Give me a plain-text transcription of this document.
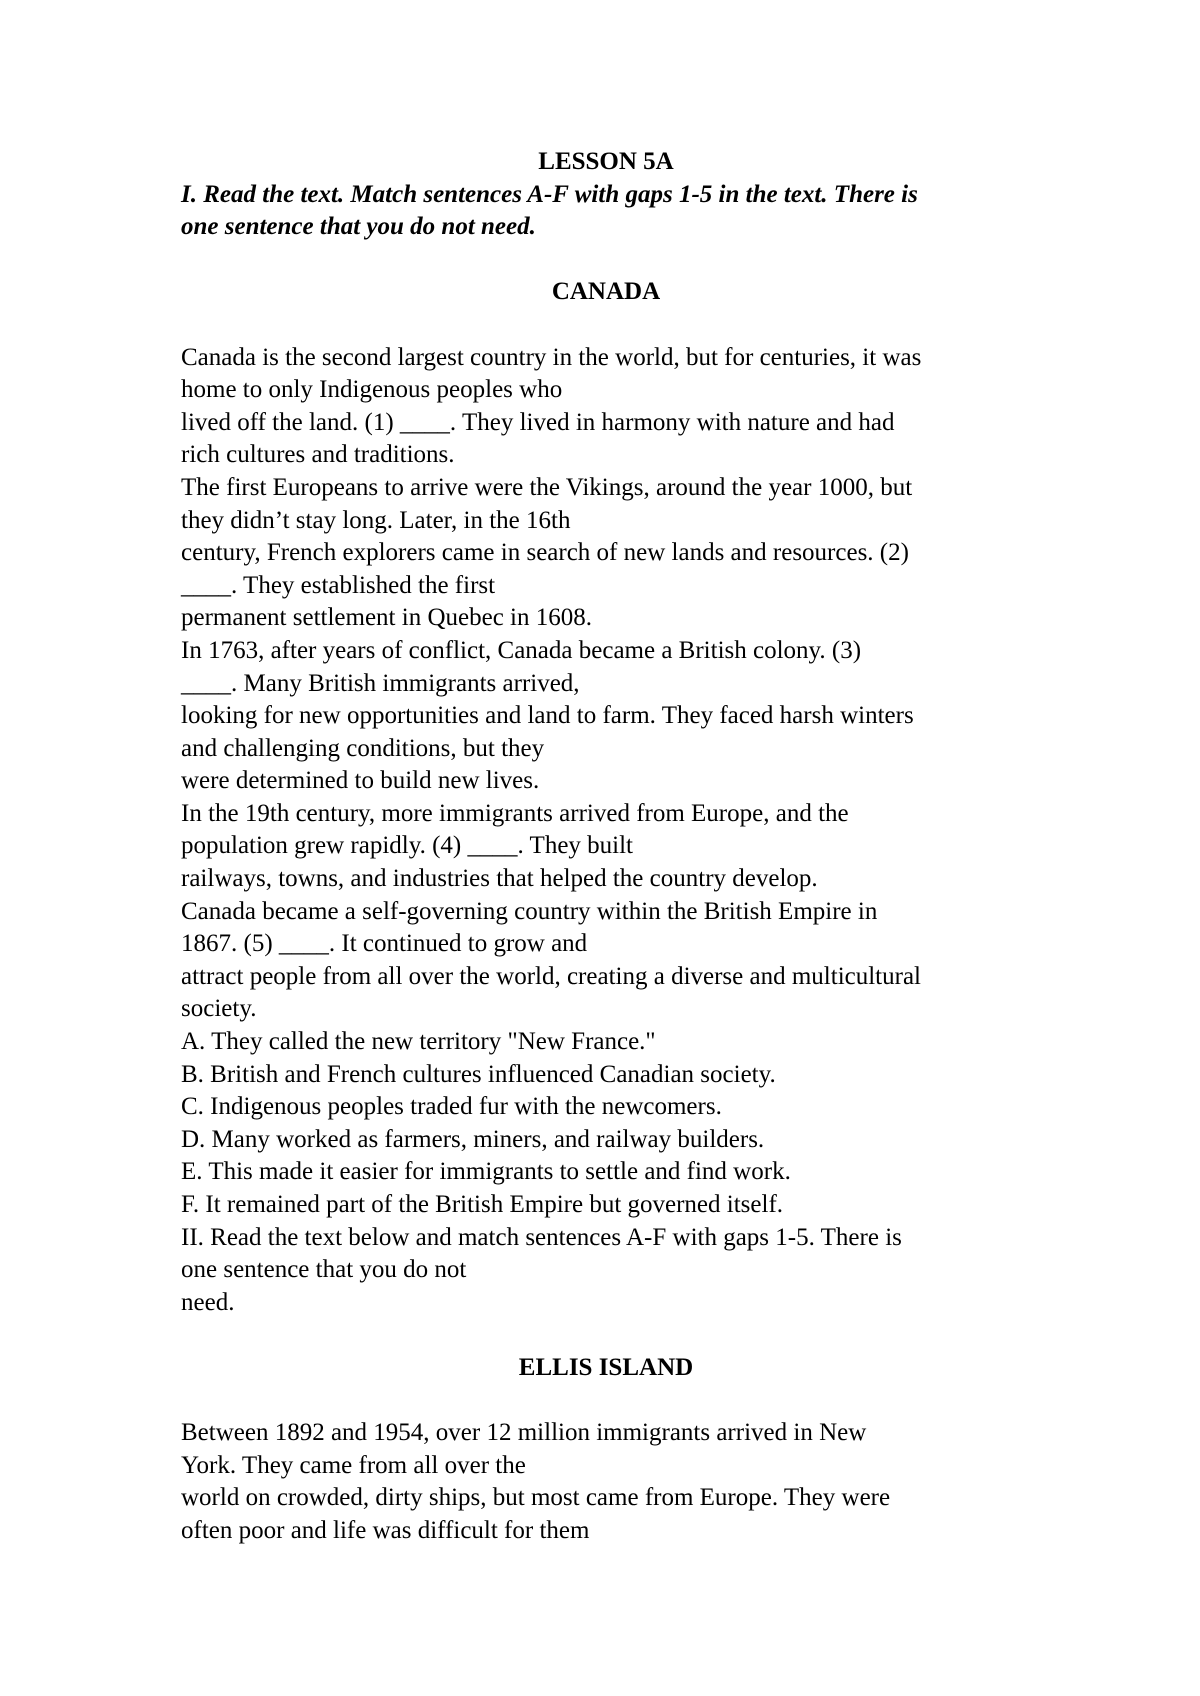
LESSON 5A
I. Read the text. Match sentences A-F with gaps 1-5 in the text. There is
one sentence that you do not need.
CANADA
Canada is the second largest country in the world, but for centuries, it was
home to only Indigenous peoples who
lived off the land. (1) ____. They lived in harmony with nature and had
rich cultures and traditions.
The first Europeans to arrive were the Vikings, around the year 1000, but
they didn’t stay long. Later, in the 16th
century, French explorers came in search of new lands and resources. (2)
____. They established the first
permanent settlement in Quebec in 1608.
In 1763, after years of conflict, Canada became a British colony. (3)
____. Many British immigrants arrived,
looking for new opportunities and land to farm. They faced harsh winters
and challenging conditions, but they
were determined to build new lives.
In the 19th century, more immigrants arrived from Europe, and the
population grew rapidly. (4) ____. They built
railways, towns, and industries that helped the country develop.
Canada became a self-governing country within the British Empire in
1867. (5) ____. It continued to grow and
attract people from all over the world, creating a diverse and multicultural
society.
A. They called the new territory "New France."
B. British and French cultures influenced Canadian society.
C. Indigenous peoples traded fur with the newcomers.
D. Many worked as farmers, miners, and railway builders.
E. This made it easier for immigrants to settle and find work.
F. It remained part of the British Empire but governed itself.
II. Read the text below and match sentences A-F with gaps 1-5. There is
one sentence that you do not
need.
ELLIS ISLAND
Between 1892 and 1954, over 12 million immigrants arrived in New
York. They came from all over the
world on crowded, dirty ships, but most came from Europe. They were
often poor and life was difficult for them
